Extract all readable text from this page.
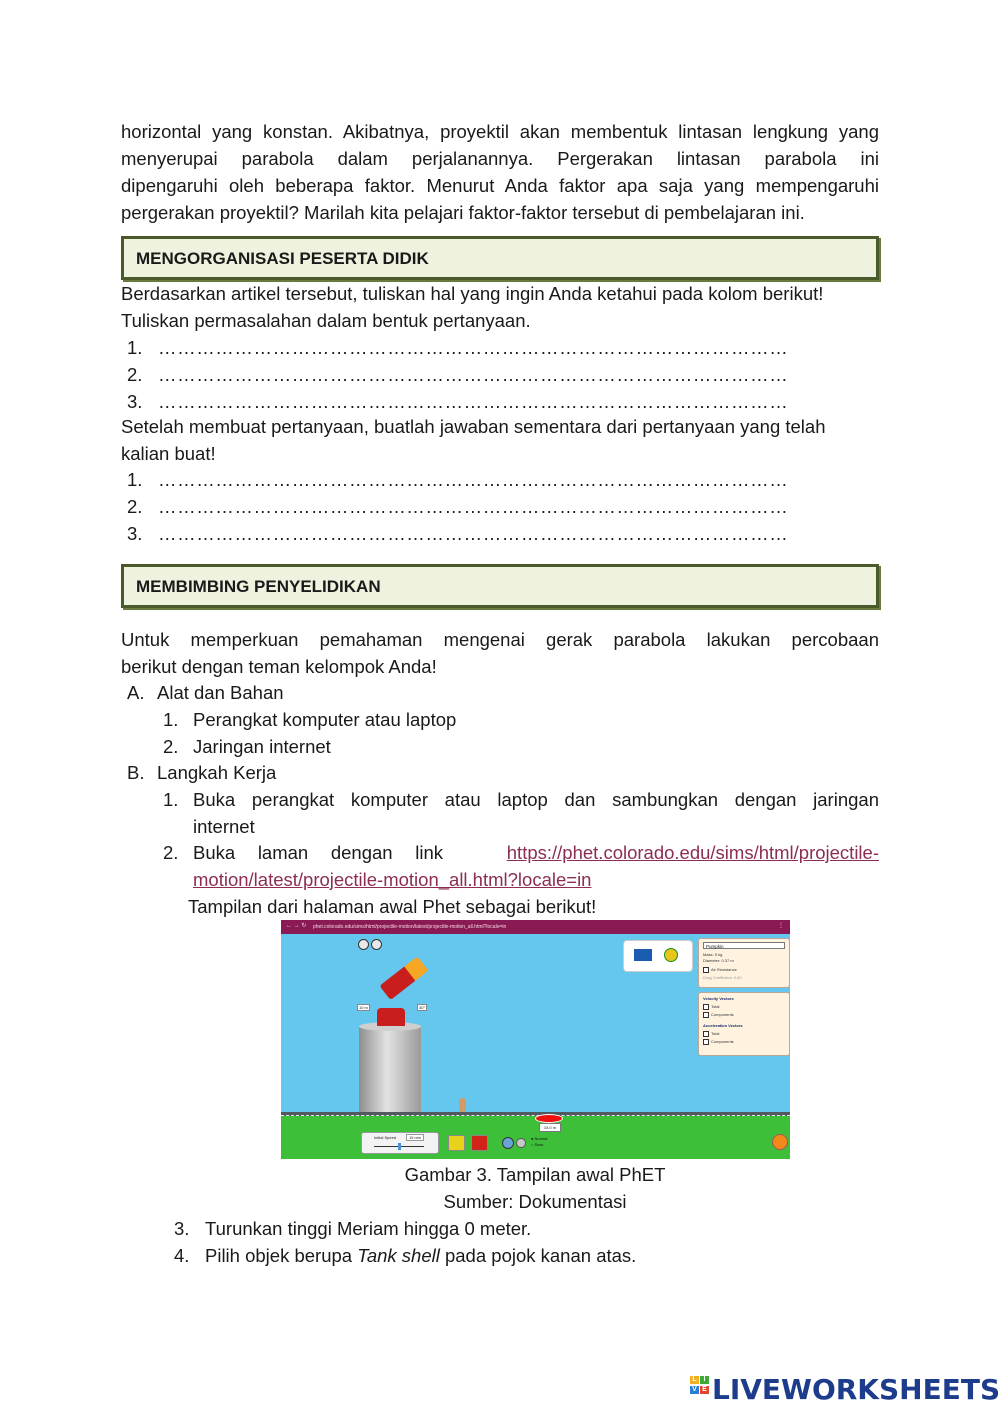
horizontal yang konstan. Akibatnya, proyektil akan membentuk lintasan lengkung yang
menyerupai parabola dalam perjalanannya. Pergerakan lintasan parabola ini
dipengaruhi oleh beberapa faktor. Menurut Anda faktor apa saja yang mempengaruhi
pergerakan proyektil? Marilah kita pelajari faktor-faktor tersebut di pembelajaran ini.
MENGORGANISASI PESERTA DIDIK
Berdasarkan artikel tersebut, tuliskan hal yang ingin Anda ketahui pada kolom berikut!
Tuliskan permasalahan dalam bentuk pertanyaan.
1. ………………………………………………………………………………………
2. ………………………………………………………………………………………
3. ………………………………………………………………………………………
Setelah membuat pertanyaan, buatlah jawaban sementara dari pertanyaan yang telah
kalian buat!
1. ………………………………………………………………………………………
2. ………………………………………………………………………………………
3. ………………………………………………………………………………………
MEMBIMBING PENYELIDIKAN
Untuk memperkuan pemahaman mengenai gerak parabola lakukan percobaan
berikut dengan teman kelompok Anda!
A. Alat dan Bahan
1. Perangkat komputer atau laptop
2. Jaringan internet
B. Langkah Kerja
1. Buka perangkat komputer atau laptop dan sambungkan dengan jaringan
internet
2. Buka laman dengan link	https://phet.colorado.edu/sims/html/projectile-
motion/latest/projectile-motion_all.html?locale=in
Tampilan dari halaman awal Phet sebagai berikut!
← → ↻ phet.colorado.edu/sims/html/projectile-motion/latest/projectile-motion_all.html?locale=in	⋮
Pumpkin
Mass: 5 kg
Diameter: 0.37 m
Air Resistance
Drag Coefficient: 0.60
Velocity Vectors
Total
Components
Acceleration Vectors
Total
Components
10 m	30°
15.0 m
Initial Speed	15 m/s	● Normal
○ Slow
Gambar 3. Tampilan awal PhET
Sumber: Dokumentasi
3. Turunkan tinggi Meriam hingga 0 meter.
4. Pilih objek berupa Tank shell pada pojok kanan atas.
L I
V E LIVEWORKSHEETS
